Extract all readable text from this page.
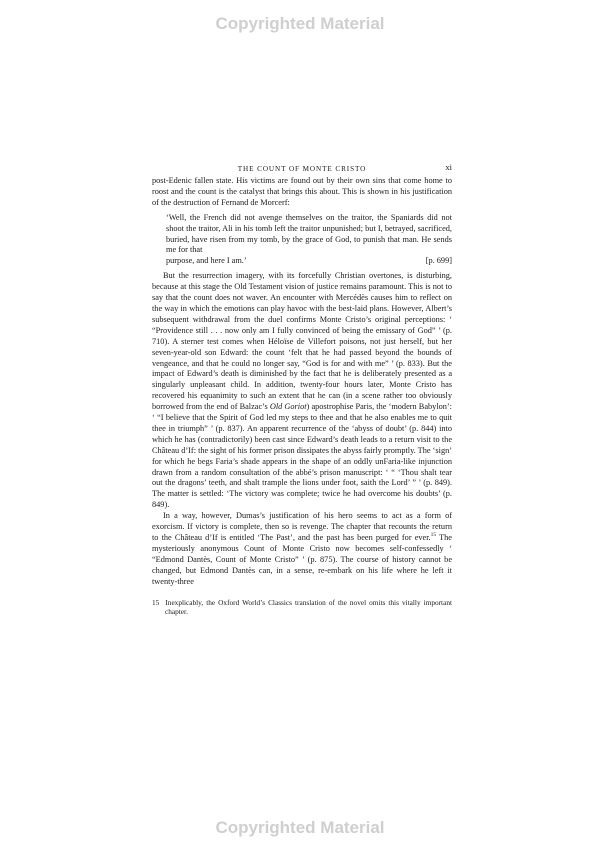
Copyrighted Material
THE COUNT OF MONTE CRISTO	xi

post-Edenic fallen state. His victims are found out by their own sins that come home to roost and the count is the catalyst that brings this about. This is shown in his justification of the destruction of Fernand de Morcerf:

‘Well, the French did not avenge themselves on the traitor, the Spaniards did not shoot the traitor, Ali in his tomb left the traitor unpunished; but I, betrayed, sacrificed, buried, have risen from my tomb, by the grace of God, to punish that man. He sends me for that
purpose, and here I am.’	[p. 699]

But the resurrection imagery, with its forcefully Christian overtones, is disturbing, because at this stage the Old Testament vision of justice remains paramount. This is not to say that the count does not waver. An encounter with Mercédès causes him to reflect on the way in which the emotions can play havoc with the best-laid plans. However, Albert’s subsequent withdrawal from the duel confirms Monte Cristo’s original perceptions: ‘ “Providence still . . . now only am I fully convinced of being the emissary of God” ’ (p. 710). A sterner test comes when Héloïse de Villefort poisons, not just herself, but her seven-year-old son Edward: the count ‘felt that he had passed beyond the bounds of vengeance, and that he could no longer say, “God is for and with me” ’ (p. 833). But the impact of Edward’s death is diminished by the fact that he is deliberately presented as a singularly unpleasant child. In addition, twenty-four hours later, Monte Cristo has recovered his equanimity to such an extent that he can (in a scene rather too obviously borrowed from the end of Balzac’s Old Goriot) apostrophise Paris, the ‘modern Babylon’: ‘ “I believe that the Spirit of God led my steps to thee and that he also enables me to quit thee in triumph” ’ (p. 837). An apparent recurrence of the ‘abyss of doubt’ (p. 844) into which he has (contradictorily) been cast since Edward’s death leads to a return visit to the Château d’If: the sight of his former prison dissipates the abyss fairly promptly. The ‘sign’ for which he begs Faria’s shade appears in the shape of an oddly unFaria-like injunction drawn from a random consultation of the abbé’s prison manuscript: ‘ “ ‘Thou shalt tear out the dragons’ teeth, and shalt trample the lions under foot, saith the Lord’ ” ’ (p. 849). The matter is settled: ‘The victory was complete; twice he had overcome his doubts’ (p. 849).

In a way, however, Dumas’s justification of his hero seems to act as a form of exorcism. If victory is complete, then so is revenge. The chapter that recounts the return to the Château d’If is entitled ‘The Past’, and the past has been purged for ever.$^{15}$ The mysteriously anonymous Count of Monte Cristo now becomes self-confessedly ‘ “Edmond Dantès, Count of Monte Cristo” ’ (p. 875). The course of history cannot be changed, but Edmond Dantès can, in a sense, re-embark on his life where he left it twenty-three

15 Inexplicably, the Oxford World’s Classics translation of the novel omits this vitally important chapter.
Copyrighted Material
